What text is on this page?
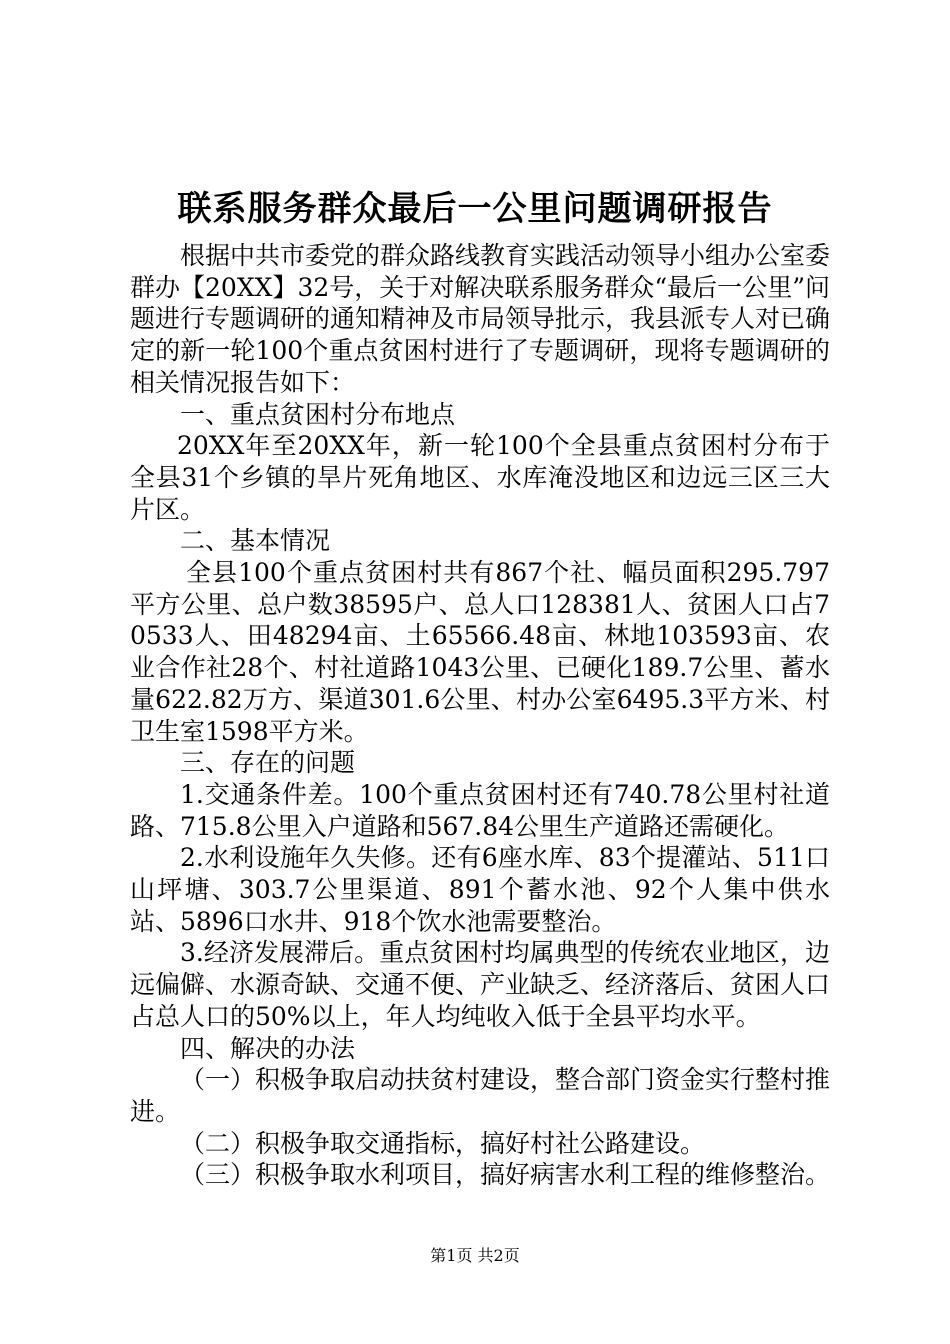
联系服务群众最后一公里问题调研报告

根据中共市委党的群众路线教育实践活动领导小组办公室委群办【20XX】32号，关于对解决联系服务群众“最后一公里”问题进行专题调研的通知精神及市局领导批示，我县派专人对已确定的新一轮100个重点贫困村进行了专题调研，现将专题调研的相关情况报告如下：

一、重点贫困村分布地点

20XX年至20XX年，新一轮100个全县重点贫困村分布于全县31个乡镇的旱片死角地区、水库淹没地区和边远三区三大片区。

二、基本情况

全县100个重点贫困村共有867个社、幅员面积295.797平方公里、总户数38595户、总人口128381人、贫困人口占70533人、田48294亩、土65566.48亩、林地103593亩、农业合作社28个、村社道路1043公里、已硬化189.7公里、蓄水量622.82万方、渠道301.6公里、村办公室6495.3平方米、村卫生室1598平方米。

三、存在的问题

1.交通条件差。100个重点贫困村还有740.78公里村社道路、715.8公里入户道路和567.84公里生产道路还需硬化。

2.水利设施年久失修。还有6座水库、83个提灌站、511口山坪塘、303.7公里渠道、891个蓄水池、92个人集中供水站、5896口水井、918个饮水池需要整治。

3.经济发展滞后。重点贫困村均属典型的传统农业地区，边远偏僻、水源奇缺、交通不便、产业缺乏、经济落后、贫困人口占总人口的50%以上，年人均纯收入低于全县平均水平。

四、解决的办法

（一）积极争取启动扶贫村建设，整合部门资金实行整村推进。

（二）积极争取交通指标，搞好村社公路建设。

（三）积极争取水利项目，搞好病害水利工程的维修整治。

第1页 共2页
